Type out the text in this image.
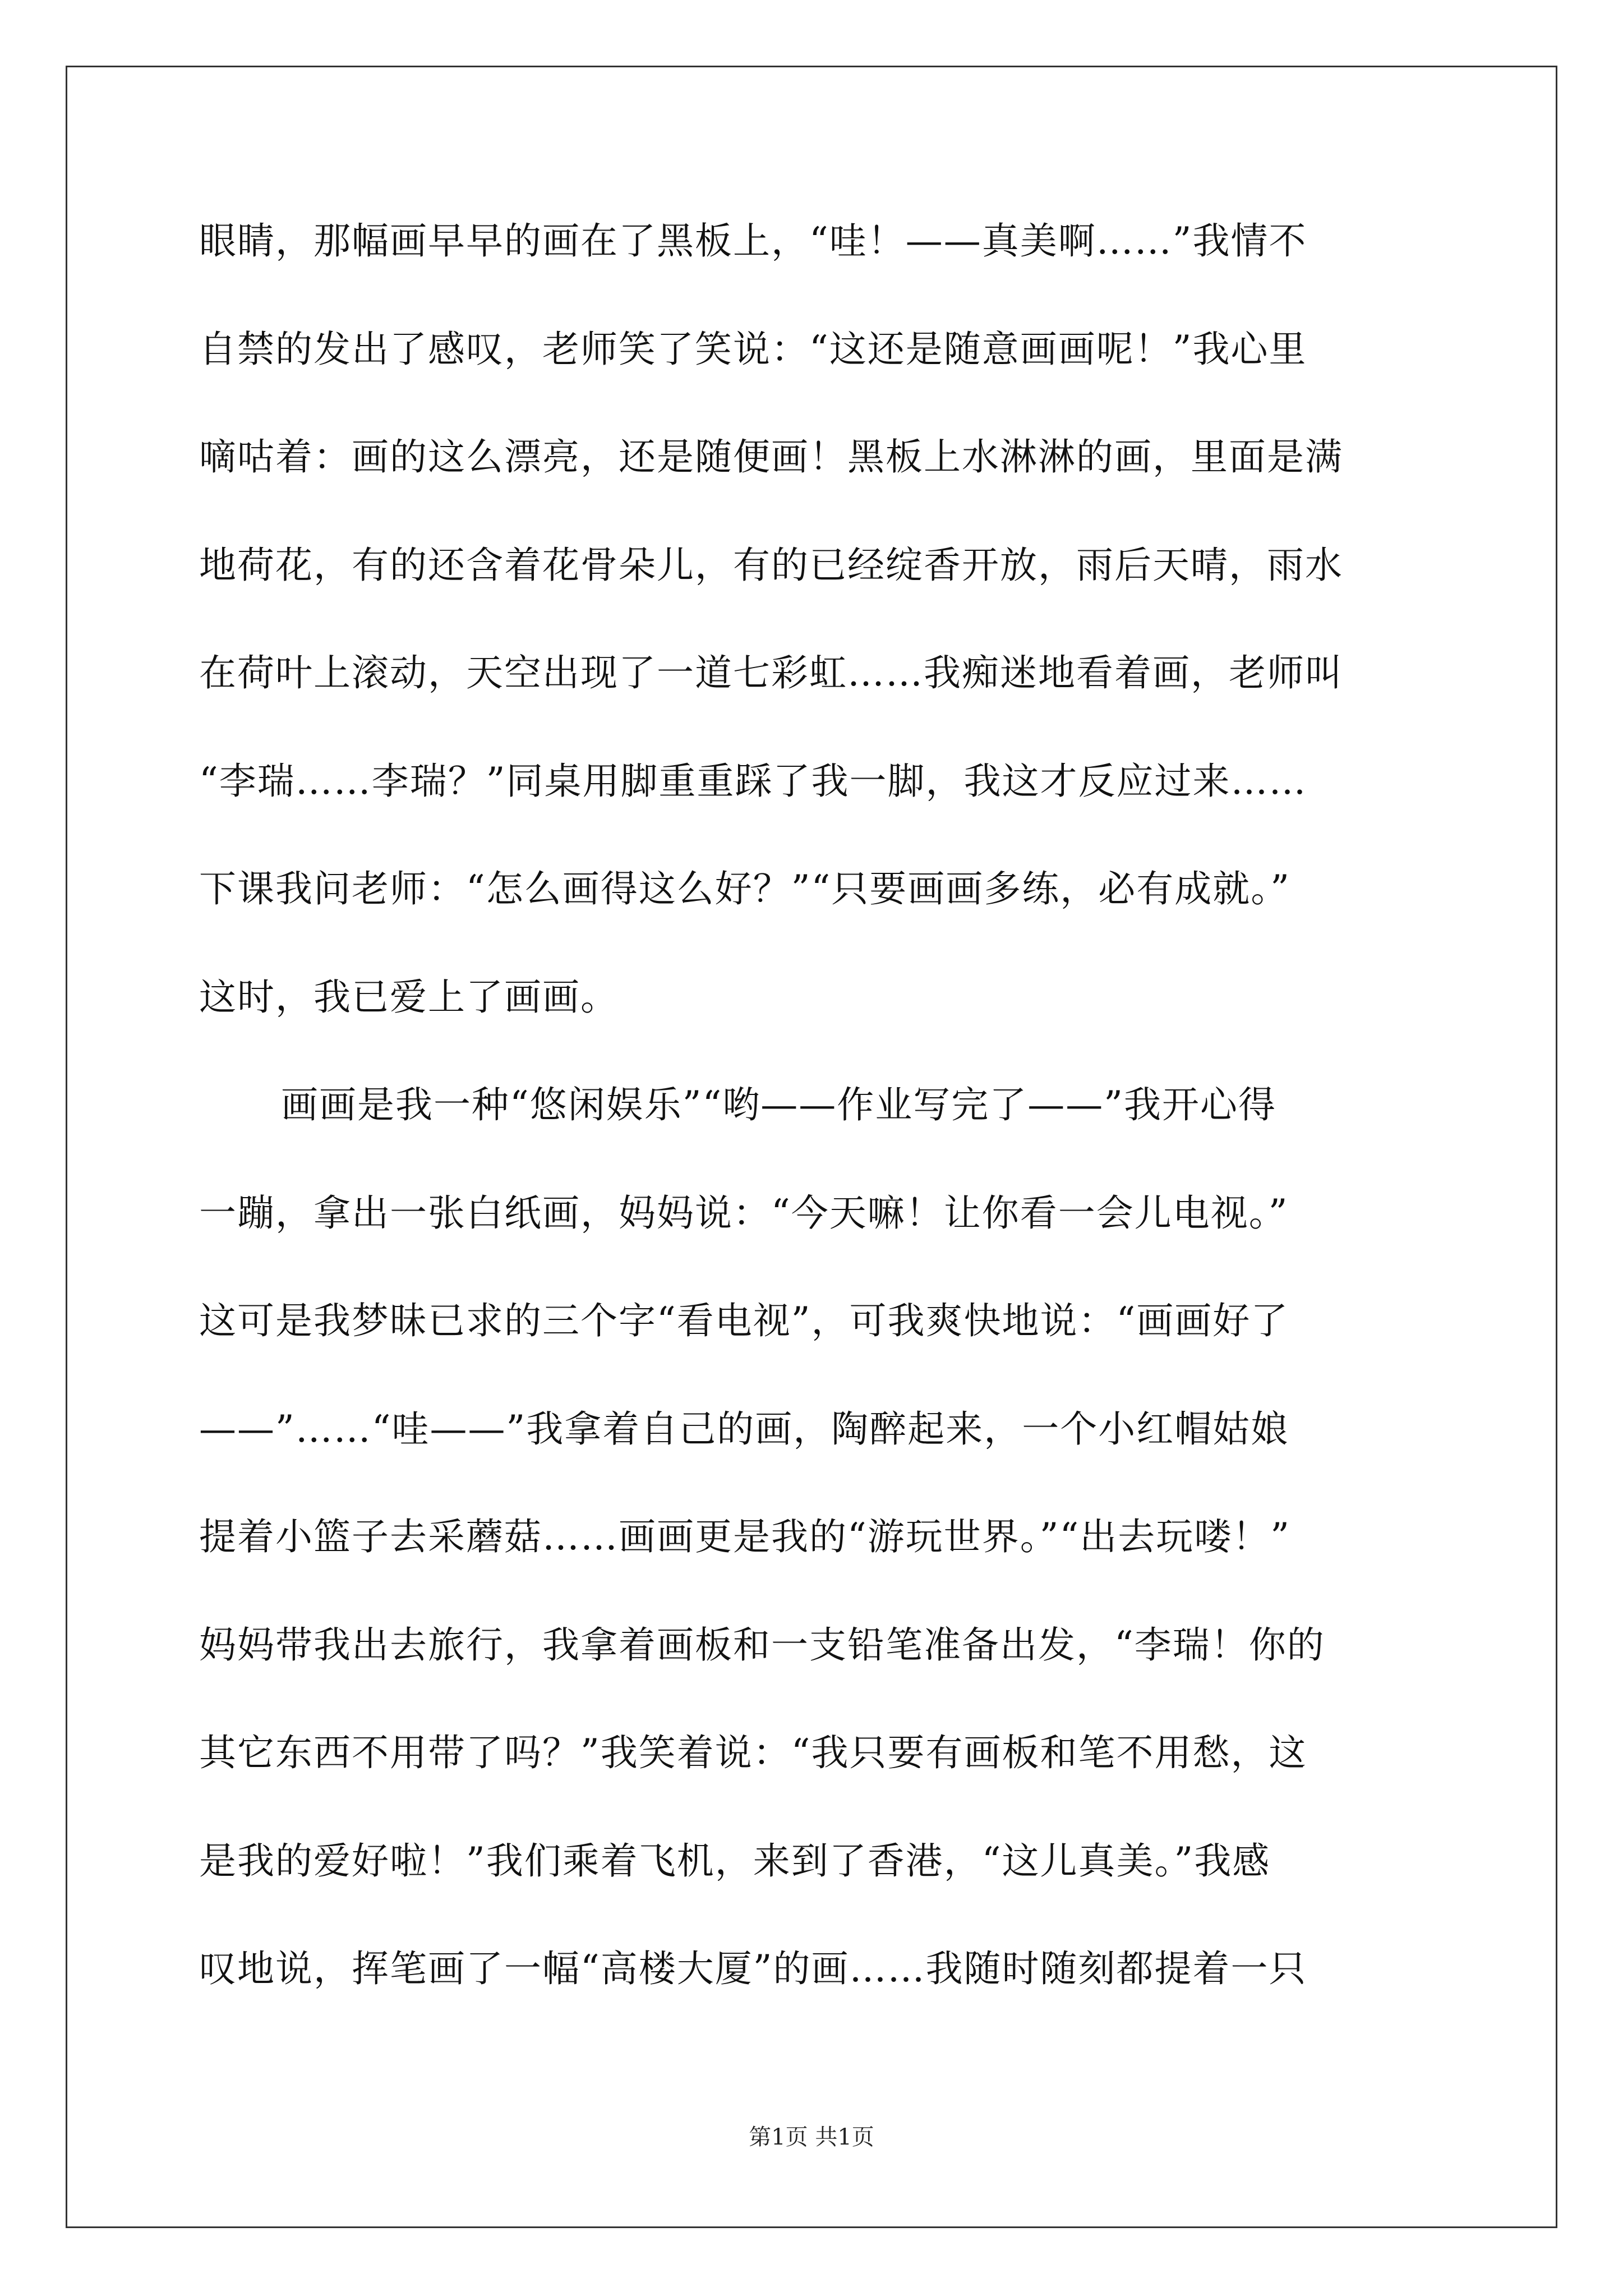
眼睛，那幅画早早的画在了黑板上，“哇！——真美啊……”我情不
自禁的发出了感叹，老师笑了笑说：“这还是随意画画呢！”我心里
嘀咕着：画的这么漂亮，还是随便画！黑板上水淋淋的画，里面是满
地荷花，有的还含着花骨朵儿，有的已经绽香开放，雨后天晴，雨水
在荷叶上滚动，天空出现了一道七彩虹……我痴迷地看着画，老师叫
“李瑞……李瑞？”同桌用脚重重踩了我一脚，我这才反应过来……
下课我问老师：“怎么画得这么好？”“只要画画多练，必有成就。”
这时，我已爱上了画画。
画画是我一种“悠闲娱乐”“哟——作业写完了——”我开心得
一蹦，拿出一张白纸画，妈妈说：“今天嘛！让你看一会儿电视。”
这可是我梦昧已求的三个字“看电视”，可我爽快地说：“画画好了
——”……“哇——”我拿着自己的画，陶醉起来，一个小红帽姑娘
提着小篮子去采蘑菇……画画更是我的“游玩世界。”“出去玩喽！”
妈妈带我出去旅行，我拿着画板和一支铅笔准备出发，“李瑞！你的
其它东西不用带了吗？”我笑着说：“我只要有画板和笔不用愁，这
是我的爱好啦！”我们乘着飞机，来到了香港，“这儿真美。”我感
叹地说，挥笔画了一幅“高楼大厦”的画……我随时随刻都提着一只
第1页 共1页
